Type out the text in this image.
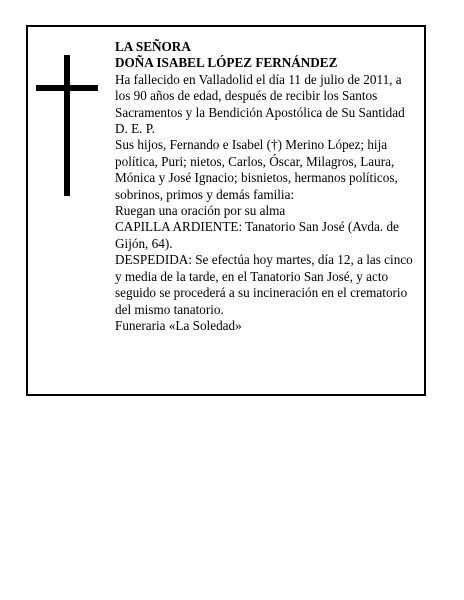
LA SEÑORA

DOÑA ISABEL LÓPEZ FERNÁNDEZ

Ha fallecido en Valladolid el día 11 de julio de 2011, a los 90 años de edad, después de recibir los Santos Sacramentos y la Bendición Apostólica de Su Santidad

D. E. P.

Sus hijos, Fernando e Isabel (†) Merino López; hija política, Puri; nietos, Carlos, Óscar, Milagros, Laura, Mónica y José Ignacio; bisnietos, hermanos políticos, sobrinos, primos y demás familia:

Ruegan una oración por su alma

CAPILLA ARDIENTE: Tanatorio San José (Avda. de Gijón, 64).

DESPEDIDA: Se efectúa hoy martes, día 12, a las cinco y media de la tarde, en el Tanatorio San José, y acto seguido se procederá a su incineración en el crematorio del mismo tanatorio.

Funeraria «La Soledad»
